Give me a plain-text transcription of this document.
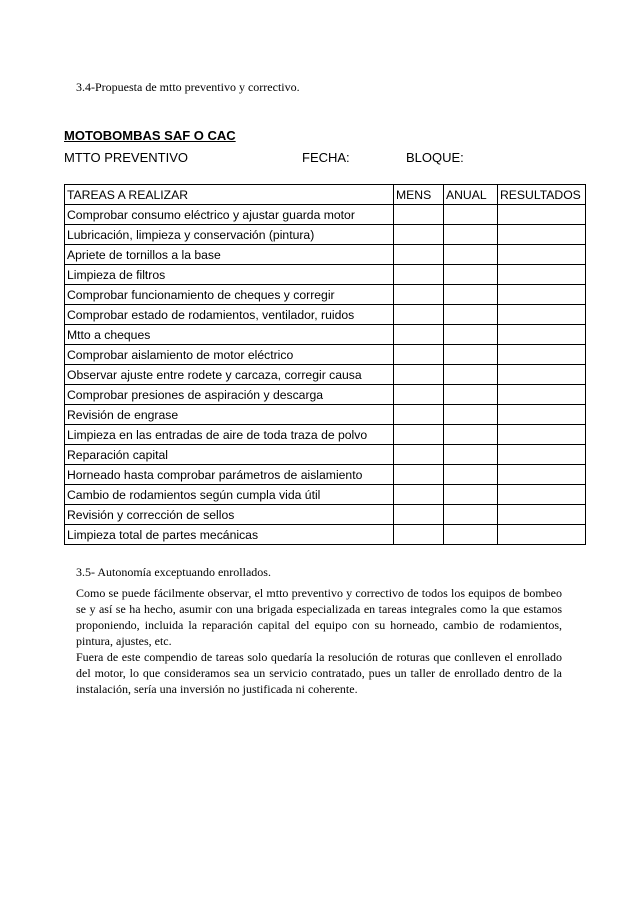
3.4-Propuesta de mtto preventivo y correctivo.
MOTOBOMBAS SAF O CAC
MTTO PREVENTIVO	FECHA:	BLOQUE:
TAREAS A REALIZAR	MENS	ANUAL	RESULTADOS
Comprobar consumo eléctrico y ajustar guarda motor			
Lubricación, limpieza y conservación (pintura)			
Apriete de tornillos a la base			
Limpieza de filtros			
Comprobar funcionamiento de cheques y corregir			
Comprobar estado de rodamientos, ventilador, ruidos			
Mtto a cheques			
Comprobar aislamiento de motor eléctrico			
Observar ajuste entre rodete y carcaza, corregir causa			
Comprobar presiones de aspiración y descarga			
Revisión de engrase			
Limpieza en las entradas de aire de toda traza de polvo			
Reparación capital			
Horneado hasta comprobar parámetros de aislamiento			
Cambio de rodamientos según cumpla vida útil			
Revisión y corrección de sellos			
Limpieza total de partes mecánicas			
3.5- Autonomía exceptuando enrollados.

Como se puede fácilmente observar, el mtto preventivo y correctivo de todos los equipos de bombeo se y así se ha hecho, asumir con una brigada especializada en tareas integrales como la que estamos proponiendo, incluida la reparación capital del equipo con su horneado, cambio de rodamientos, pintura, ajustes, etc.

Fuera de este compendio de tareas solo quedaría la resolución de roturas que conlleven el enrollado del motor, lo que consideramos sea un servicio contratado, pues un taller de enrollado dentro de la instalación, sería una inversión no justificada ni coherente.
